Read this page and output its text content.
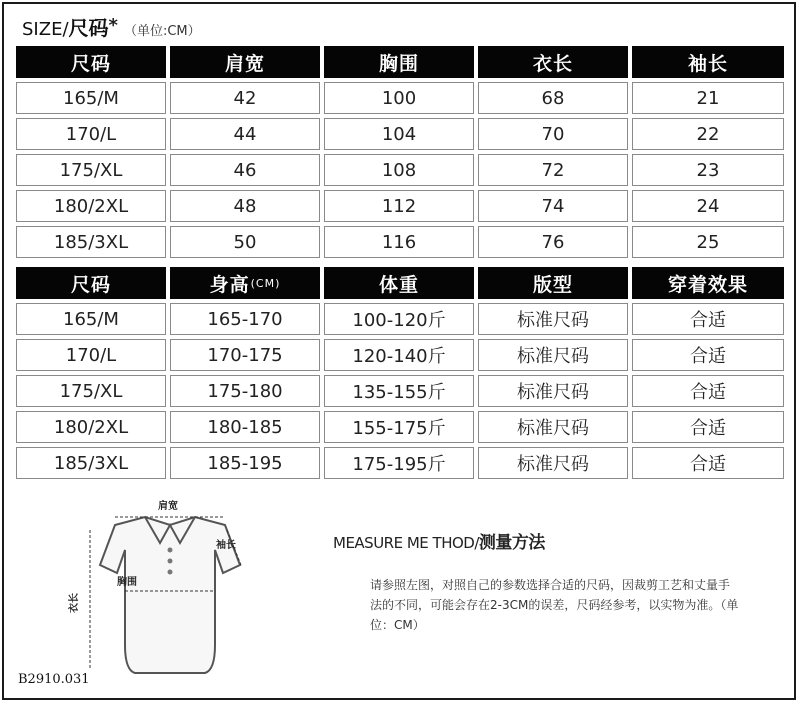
SIZE/尺码* （单位:CM）
尺码	肩宽	胸围	衣长	袖长
165/M	42	100	68	21
170/L	44	104	70	22
175/XL	46	108	72	23
180/2XL	48	112	74	24
185/3XL	50	116	76	25
尺码	身高 (CM)	体重	版型	穿着效果
165/M	165-170	100-120斤	标准尺码	合适
170/L	170-175	120-140斤	标准尺码	合适
175/XL	175-180	135-155斤	标准尺码	合适
180/2XL	180-185	155-175斤	标准尺码	合适
185/3XL	185-195	175-195斤	标准尺码	合适
肩宽
袖长
胸围
衣长
MEASURE ME THOD/测量方法
请参照左图，对照自己的参数选择合适的尺码，因裁剪工艺和丈量手法的不同，可能会存在2-3CM的误差，尺码经参考，以实物为准。（单位：CM）
B2910.031
